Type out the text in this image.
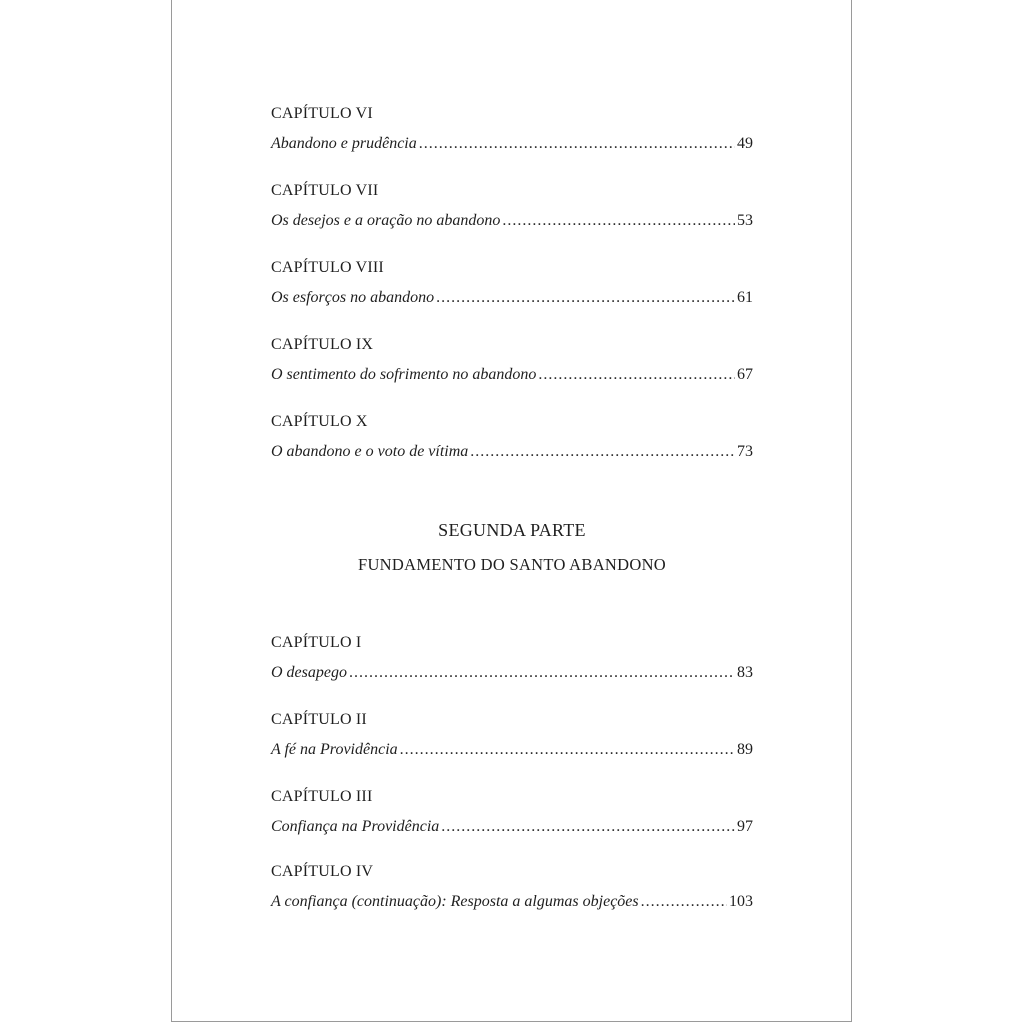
CAPÍTULO VI
Abandono e prudência .....	49
CAPÍTULO VII
Os desejos e a oração no abandono .....	53
CAPÍTULO VIII
Os esforços no abandono .....	61
CAPÍTULO IX
O sentimento do sofrimento no abandono .....	67
CAPÍTULO X
O abandono e o voto de vítima .....	73
SEGUNDA PARTE
FUNDAMENTO DO SANTO ABANDONO
CAPÍTULO I
O desapego .....	83
CAPÍTULO II
A fé na Providência .....	89
CAPÍTULO III
Confiança na Providência .....	97
CAPÍTULO IV
A confiança (continuação): Resposta a algumas objeções .....	103
